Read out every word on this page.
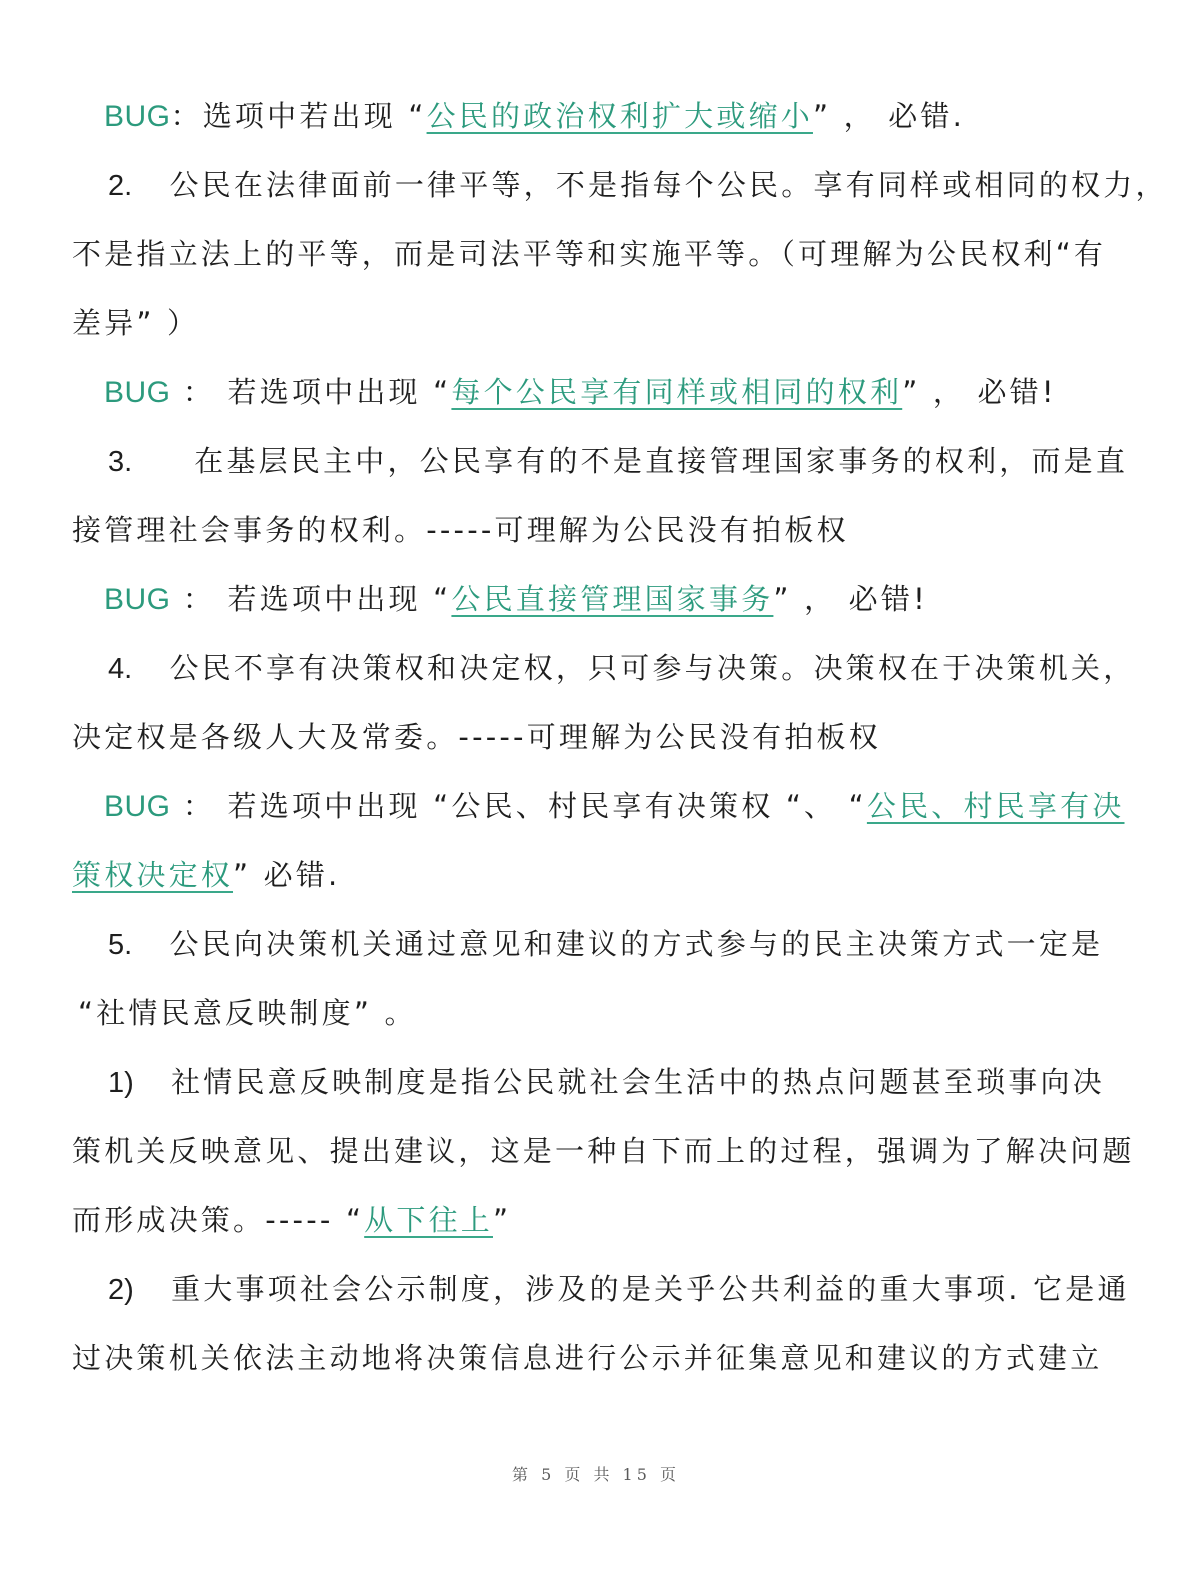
BUG：选项中若出现 “公民的政治权利扩大或缩小” ， 必错.
2. 公民在法律面前一律平等，不是指每个公民。享有同样或相同的权力，
不是指立法上的平等，而是司法平等和实施平等。（可理解为公民权利“有
差异” ）
BUG ： 若选项中出现 “每个公民享有同样或相同的权利” ， 必错!
3. 在基层民主中，公民享有的不是直接管理国家事务的权利，而是直
接管理社会事务的权利。-----可理解为公民没有拍板权
BUG ： 若选项中出现 “公民直接管理国家事务” ， 必错!
4. 公民不享有决策权和决定权，只可参与决策。决策权在于决策机关，
决定权是各级人大及常委。-----可理解为公民没有拍板权
BUG ： 若选项中出现 “公民、村民享有决策权 “、 “公民、村民享有决
策权决定权” 必错.
5. 公民向决策机关通过意见和建议的方式参与的民主决策方式一定是
“社情民意反映制度” 。
1) 社情民意反映制度是指公民就社会生活中的热点问题甚至琐事向决
策机关反映意见、提出建议，这是一种自下而上的过程，强调为了解决问题
而形成决策。----- “从下往上”
2) 重大事项社会公示制度，涉及的是关乎公共利益的重大事项. 它是通
过决策机关依法主动地将决策信息进行公示并征集意见和建议的方式建立
第 5 页 共 15 页
